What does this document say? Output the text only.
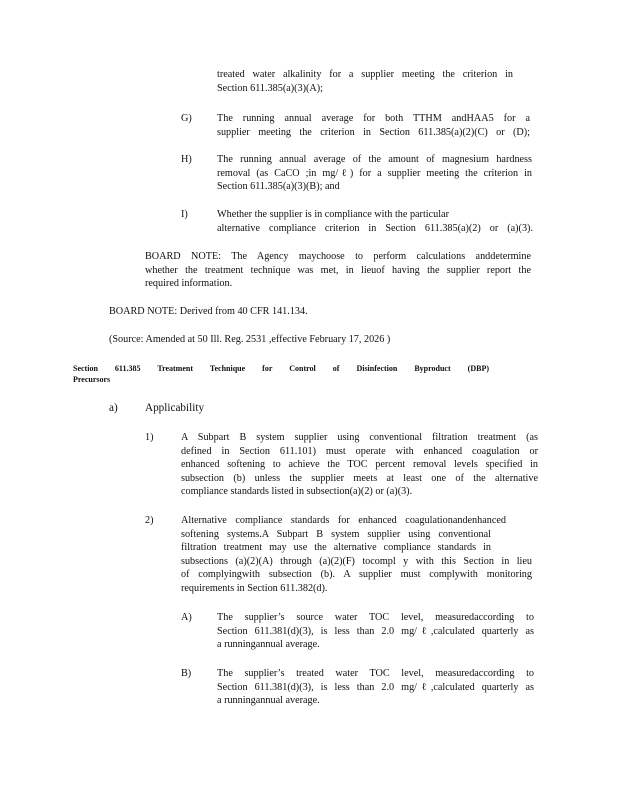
treated water alkalinity for a supplier meeting the criterion in

Section 611.385(a)(3)(A);

G) The running annual average for both TTHM andHAA5 for a

supplier meeting the criterion in Section 611.385(a)(2)(C) or (D);

H) The running annual average of the amount of magnesium hardness

removal (as CaCO ;in mg/ℓ) for a supplier meeting the criterion in

Section 611.385(a)(3)(B); and

I)	Whether the supplier is in compliance with the particular

alternative compliance criterion in Section 611.385(a)(2) or (a)(3).

BOARD NOTE: The Agency maychoose to perform calculations anddetermine

whether the treatment technique was met, in lieuof having the supplier report the

required information.

BOARD NOTE: Derived from 40 CFR 141.134.
(Source: Amended at 50 Ill. Reg. 2531 ,effective February 17, 2026 )

Section 611.385 Treatment Technique for Control of Disinfection Byproduct (DBP)

Precursors

a) Applicability
1)	A Subpart B system supplier using conventional filtration treatment (as

defined in Section 611.101) must operate with enhanced coagulation or

enhanced softening to achieve the TOC percent removal levels specified in

subsection (b) unless the supplier meets at least one of the alternative

compliance standards listed in subsection(a)(2) or (a)(3).

2)	Alternative compliance standards for enhanced coagulationandenhanced

softening systems.A Subpart B system supplier using conventional

filtration treatment may use the alternative compliance standards in

subsections (a)(2)(A) through (a)(2)(F) tocompl y with this Section in lieu

of complyingwith subsection (b). A supplier must complywith monitoring

requirements in Section 611.382(d).

A) The supplier’s source water TOC level, measuredaccording to

Section 611.381(d)(3), is less than 2.0 mg/ℓ,calculated quarterly as

a runningannual average.

B)	The supplier’s treated water TOC level, measuredaccording to

Section 611.381(d)(3), is less than 2.0 mg/ℓ,calculated quarterly as

a runningannual average.
